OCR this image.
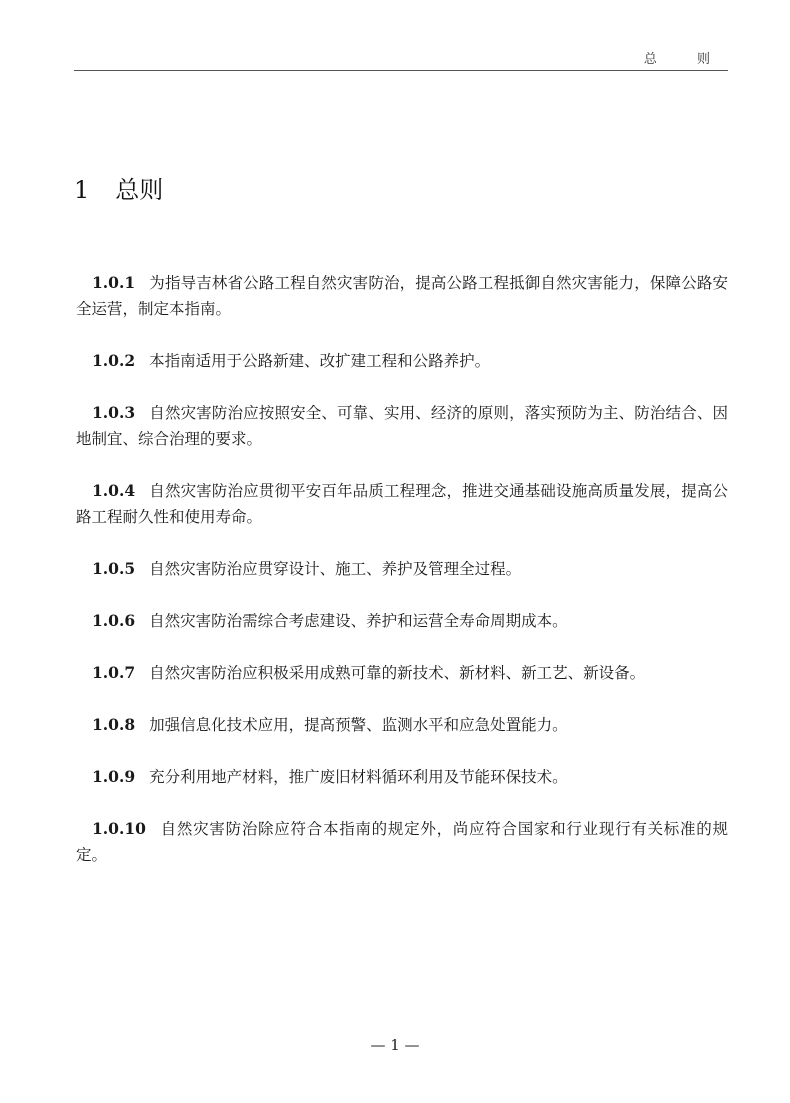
总 则
1 总则

1.0.1 为指导吉林省公路工程自然灾害防治，提高公路工程抵御自然灾害能力，保障公路安全运营，制定本指南。

1.0.2 本指南适用于公路新建、改扩建工程和公路养护。

1.0.3 自然灾害防治应按照安全、可靠、实用、经济的原则，落实预防为主、防治结合、因地制宜、综合治理的要求。

1.0.4 自然灾害防治应贯彻平安百年品质工程理念，推进交通基础设施高质量发展，提高公路工程耐久性和使用寿命。

1.0.5 自然灾害防治应贯穿设计、施工、养护及管理全过程。

1.0.6 自然灾害防治需综合考虑建设、养护和运营全寿命周期成本。

1.0.7 自然灾害防治应积极采用成熟可靠的新技术、新材料、新工艺、新设备。

1.0.8 加强信息化技术应用，提高预警、监测水平和应急处置能力。

1.0.9 充分利用地产材料，推广废旧材料循环利用及节能环保技术。

1.0.10 自然灾害防治除应符合本指南的规定外，尚应符合国家和行业现行有关标准的规定。

— 1 —
